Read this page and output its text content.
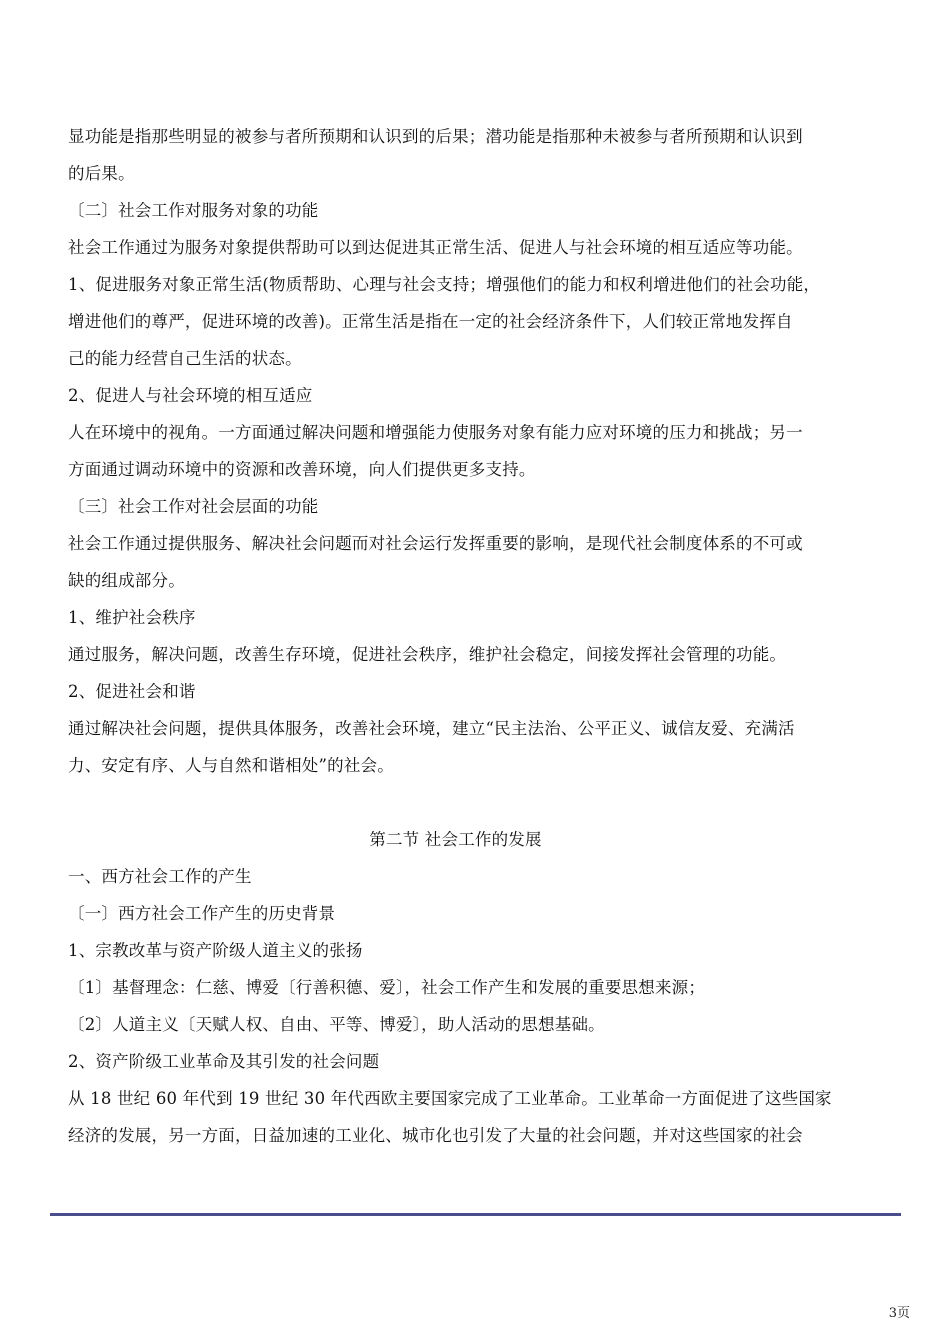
显功能是指那些明显的被参与者所预期和认识到的后果；潜功能是指那种未被参与者所预期和认识到
的后果。
〔二〕社会工作对服务对象的功能
社会工作通过为服务对象提供帮助可以到达促进其正常生活、促进人与社会环境的相互适应等功能。
1、促进服务对象正常生活(物质帮助、心理与社会支持；增强他们的能力和权利增进他们的社会功能，
增进他们的尊严，促进环境的改善)。正常生活是指在一定的社会经济条件下，人们较正常地发挥自
己的能力经营自己生活的状态。
2、促进人与社会环境的相互适应
人在环境中的视角。一方面通过解决问题和增强能力使服务对象有能力应对环境的压力和挑战；另一
方面通过调动环境中的资源和改善环境，向人们提供更多支持。
〔三〕社会工作对社会层面的功能
社会工作通过提供服务、解决社会问题而对社会运行发挥重要的影响，是现代社会制度体系的不可或
缺的组成部分。
1、维护社会秩序
通过服务，解决问题，改善生存环境，促进社会秩序，维护社会稳定，间接发挥社会管理的功能。
2、促进社会和谐
通过解决社会问题，提供具体服务，改善社会环境，建立“民主法治、公平正义、诚信友爱、充满活
力、安定有序、人与自然和谐相处”的社会。
第二节 社会工作的发展
一、西方社会工作的产生
〔一〕西方社会工作产生的历史背景
1、宗教改革与资产阶级人道主义的张扬
〔1〕基督理念：仁慈、博爱〔行善积德、爱〕，社会工作产生和发展的重要思想来源；
〔2〕人道主义〔天赋人权、自由、平等、博爱〕，助人活动的思想基础。
2、资产阶级工业革命及其引发的社会问题
从 18 世纪 60 年代到 19 世纪 30 年代西欧主要国家完成了工业革命。工业革命一方面促进了这些国家
经济的发展，另一方面，日益加速的工业化、城市化也引发了大量的社会问题，并对这些国家的社会
3页
